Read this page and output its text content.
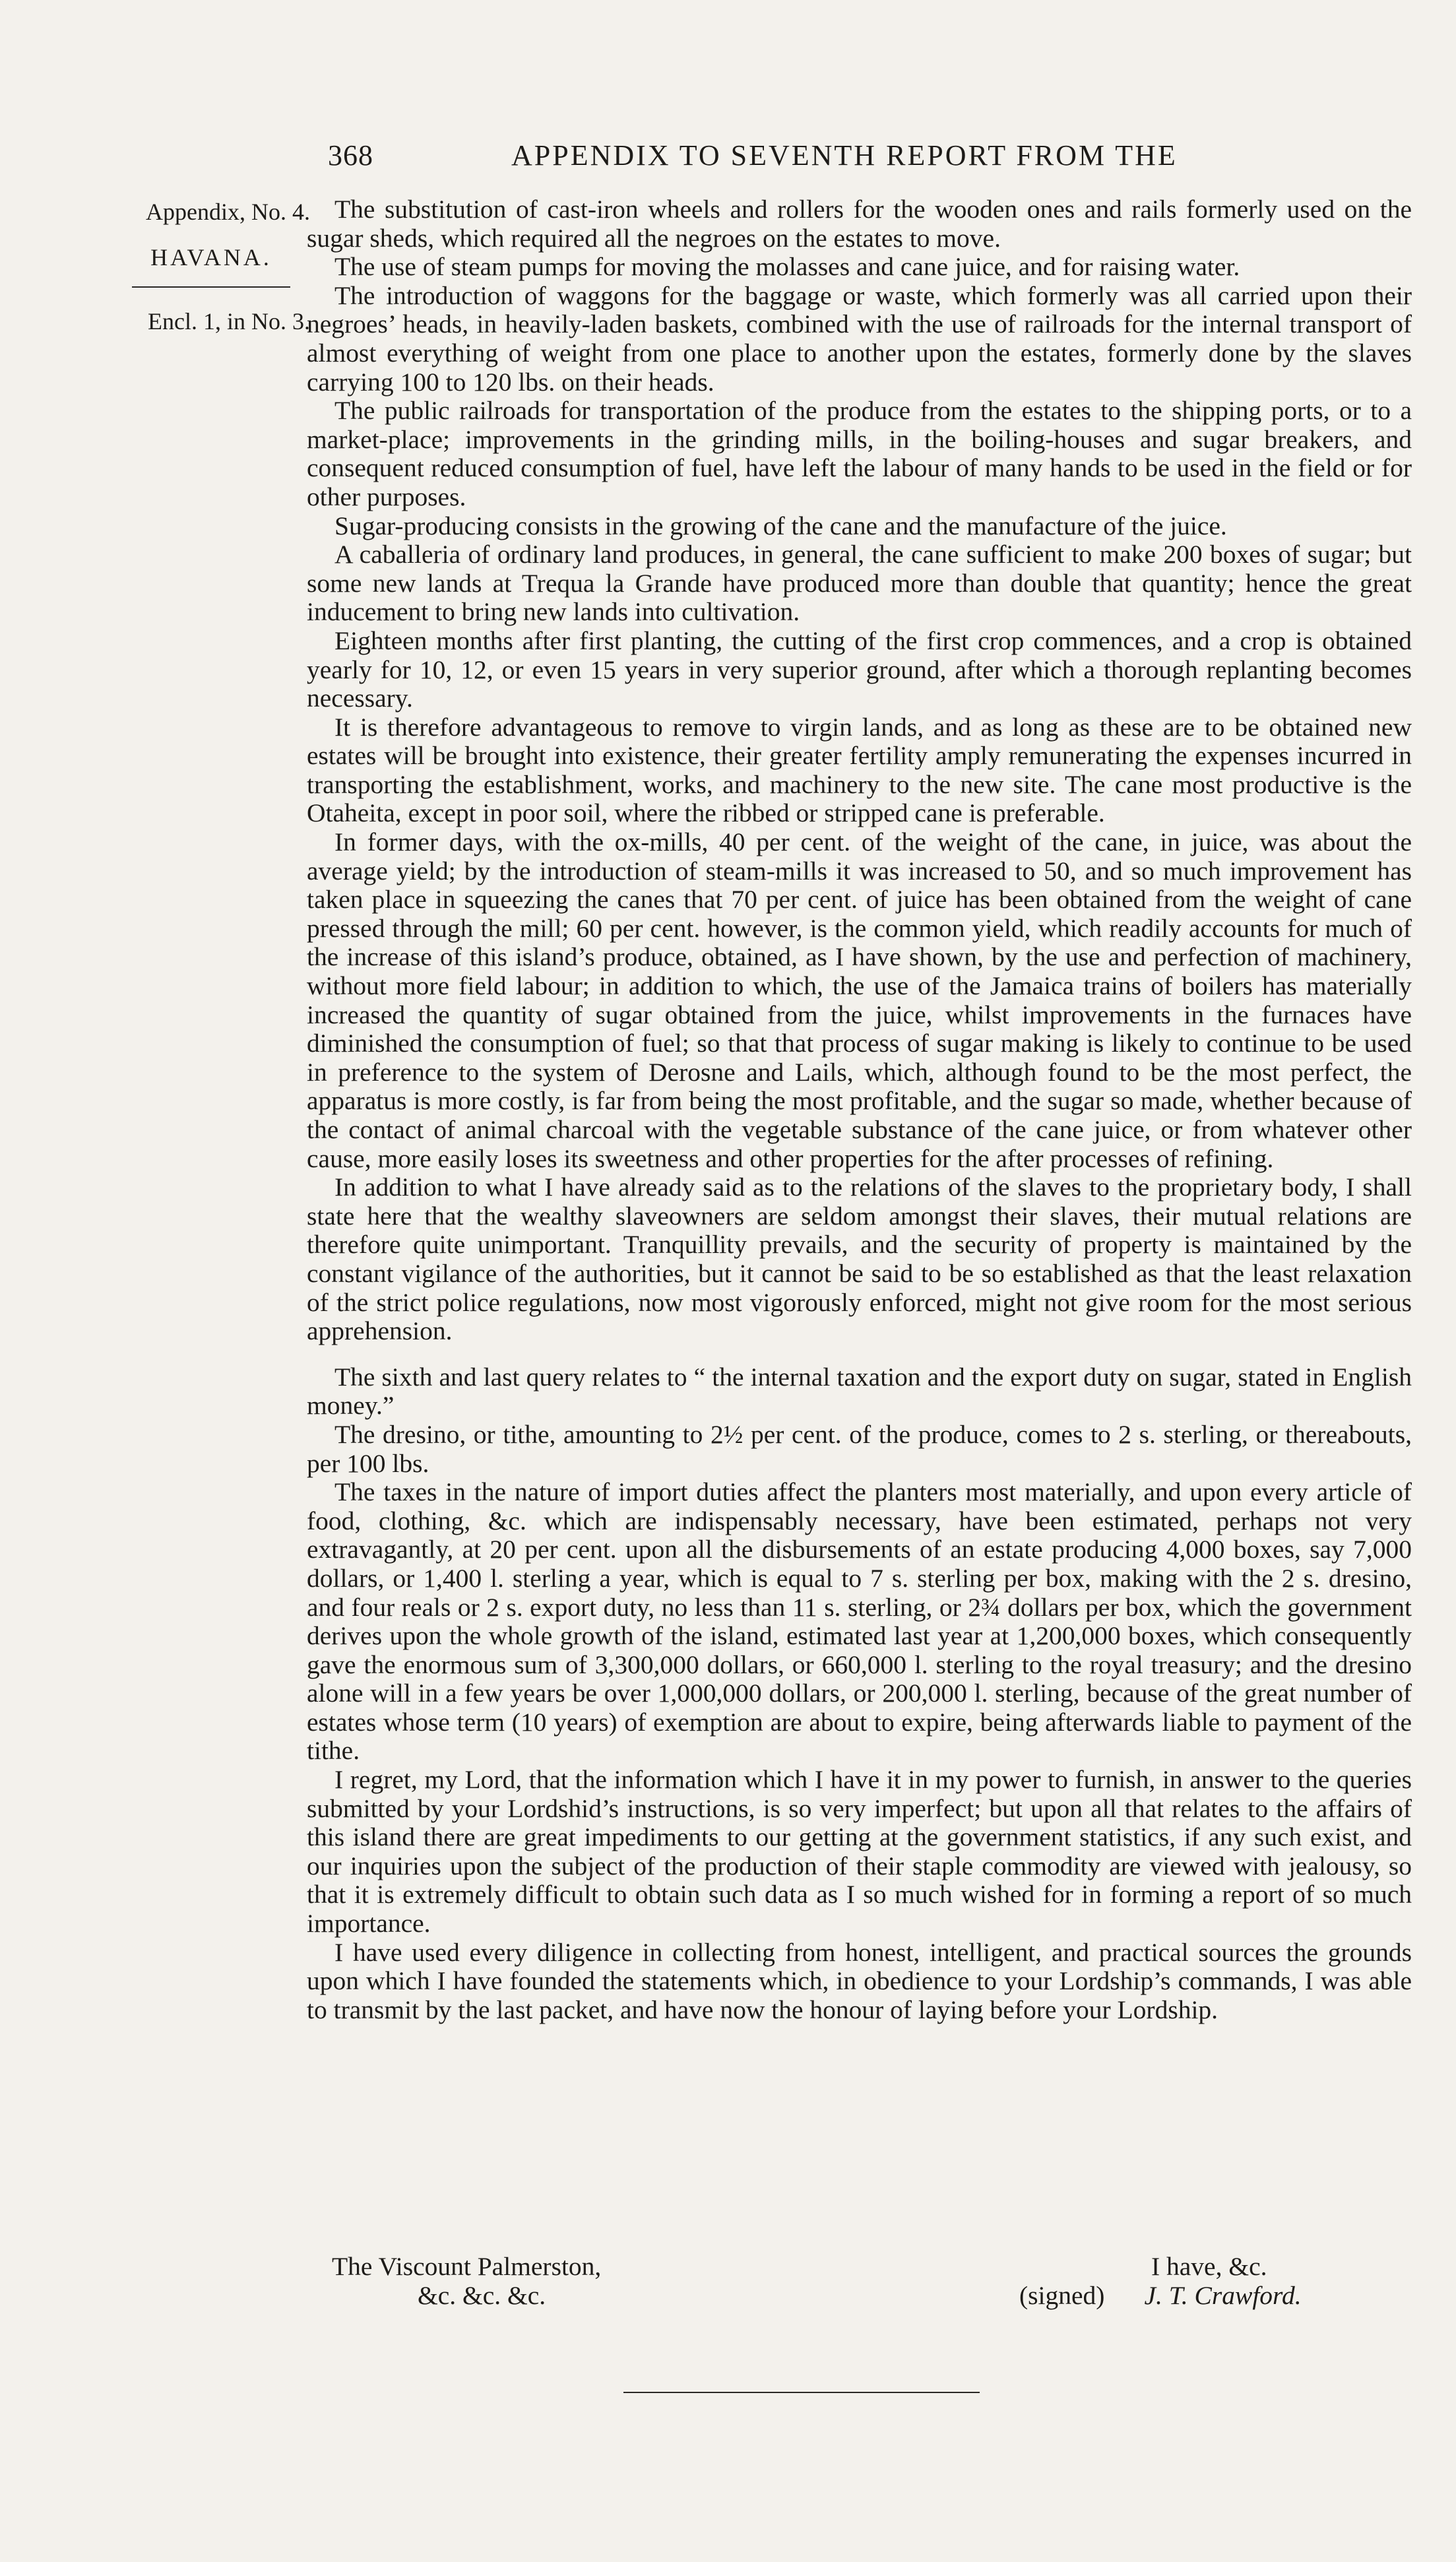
368	APPENDIX TO SEVENTH REPORT FROM THE
Appendix, No. 4.
HAVANA.
Encl. 1, in No. 3.

The substitution of cast-iron wheels and rollers for the wooden ones and rails formerly used on the sugar sheds, which required all the negroes on the estates to move.

The use of steam pumps for moving the molasses and cane juice, and for raising water.

The introduction of waggons for the baggage or waste, which formerly was all carried upon their negroes’ heads, in heavily-laden baskets, combined with the use of railroads for the internal transport of almost everything of weight from one place to another upon the estates, formerly done by the slaves carrying 100 to 120 lbs. on their heads.

The public railroads for transportation of the produce from the estates to the shipping ports, or to a market-place; improvements in the grinding mills, in the boiling-houses and sugar breakers, and consequent reduced consumption of fuel, have left the labour of many hands to be used in the field or for other purposes.

Sugar-producing consists in the growing of the cane and the manufacture of the juice.

A caballeria of ordinary land produces, in general, the cane sufficient to make 200 boxes of sugar; but some new lands at Trequa la Grande have produced more than double that quantity; hence the great inducement to bring new lands into cultivation.

Eighteen months after first planting, the cutting of the first crop commences, and a crop is obtained yearly for 10, 12, or even 15 years in very superior ground, after which a thorough replanting becomes necessary.

It is therefore advantageous to remove to virgin lands, and as long as these are to be obtained new estates will be brought into existence, their greater fertility amply remunerating the expenses incurred in transporting the establishment, works, and machinery to the new site. The cane most productive is the Otaheita, except in poor soil, where the ribbed or stripped cane is preferable.

In former days, with the ox-mills, 40 per cent. of the weight of the cane, in juice, was about the average yield; by the introduction of steam-mills it was increased to 50, and so much improvement has taken place in squeezing the canes that 70 per cent. of juice has been obtained from the weight of cane pressed through the mill; 60 per cent. however, is the common yield, which readily accounts for much of the increase of this island’s produce, obtained, as I have shown, by the use and perfection of machinery, without more field labour; in addition to which, the use of the Jamaica trains of boilers has materially increased the quantity of sugar obtained from the juice, whilst improvements in the furnaces have diminished the consumption of fuel; so that that process of sugar making is likely to continue to be used in preference to the system of Derosne and Lails, which, although found to be the most perfect, the apparatus is more costly, is far from being the most profitable, and the sugar so made, whether because of the contact of animal charcoal with the vegetable substance of the cane juice, or from whatever other cause, more easily loses its sweetness and other properties for the after processes of refining.

In addition to what I have already said as to the relations of the slaves to the proprietary body, I shall state here that the wealthy slaveowners are seldom amongst their slaves, their mutual relations are therefore quite unimportant. Tranquillity prevails, and the security of property is maintained by the constant vigilance of the authorities, but it cannot be said to be so established as that the least relaxation of the strict police regulations, now most vigorously enforced, might not give room for the most serious apprehension.

The sixth and last query relates to “ the internal taxation and the export duty on sugar, stated in English money.”

The dresino, or tithe, amounting to 2½ per cent. of the produce, comes to 2 s. sterling, or thereabouts, per 100 lbs.

The taxes in the nature of import duties affect the planters most materially, and upon every article of food, clothing, &c. which are indispensably necessary, have been estimated, perhaps not very extravagantly, at 20 per cent. upon all the disbursements of an estate producing 4,000 boxes, say 7,000 dollars, or 1,400 l. sterling a year, which is equal to 7 s. sterling per box, making with the 2 s. dresino, and four reals or 2 s. export duty, no less than 11 s. sterling, or 2¾ dollars per box, which the government derives upon the whole growth of the island, estimated last year at 1,200,000 boxes, which consequently gave the enormous sum of 3,300,000 dollars, or 660,000 l. sterling to the royal treasury; and the dresino alone will in a few years be over 1,000,000 dollars, or 200,000 l. sterling, because of the great number of estates whose term (10 years) of exemption are about to expire, being afterwards liable to payment of the tithe.

I regret, my Lord, that the information which I have it in my power to furnish, in answer to the queries submitted by your Lordshid’s instructions, is so very imperfect; but upon all that relates to the affairs of this island there are great impediments to our getting at the government statistics, if any such exist, and our inquiries upon the subject of the production of their staple commodity are viewed with jealousy, so that it is extremely difficult to obtain such data as I so much wished for in forming a report of so much importance.

I have used every diligence in collecting from honest, intelligent, and practical sources the grounds upon which I have founded the statements which, in obedience to your Lordship’s commands, I was able to transmit by the last packet, and have now the honour of laying before your Lordship.

The Viscount Palmerston,
&c. &c. &c.
I have, &c.
(signed) J. T. Crawford.
